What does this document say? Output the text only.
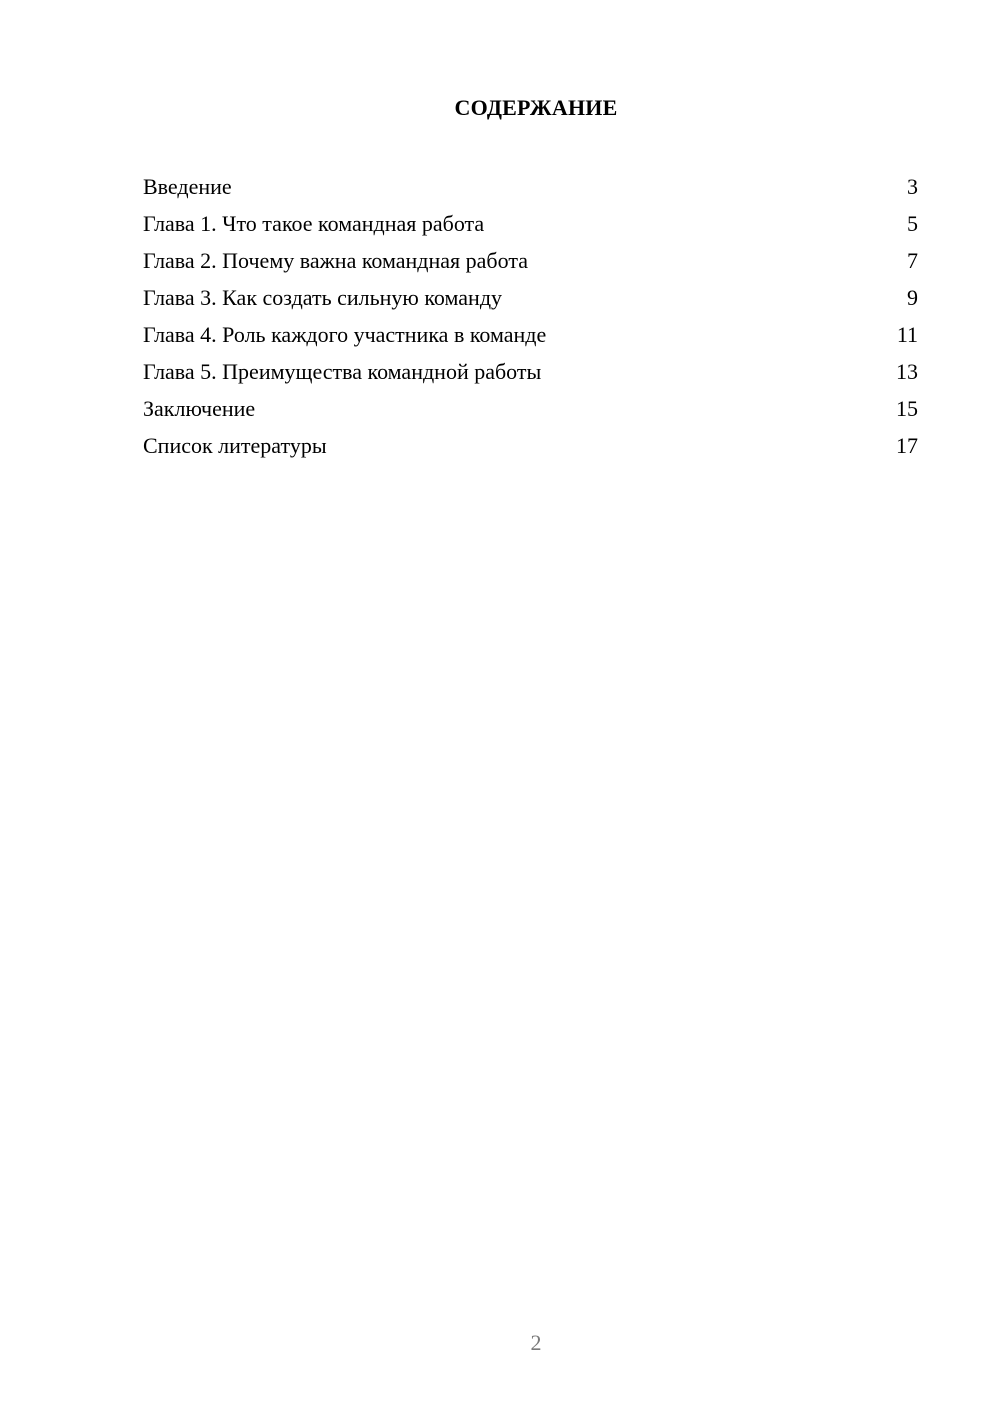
СОДЕРЖАНИЕ
Введение	3
Глава 1. Что такое командная работа	5
Глава 2. Почему важна командная работа	7
Глава 3. Как создать сильную команду	9
Глава 4. Роль каждого участника в команде	11
Глава 5. Преимущества командной работы	13
Заключение	15
Список литературы	17
2
